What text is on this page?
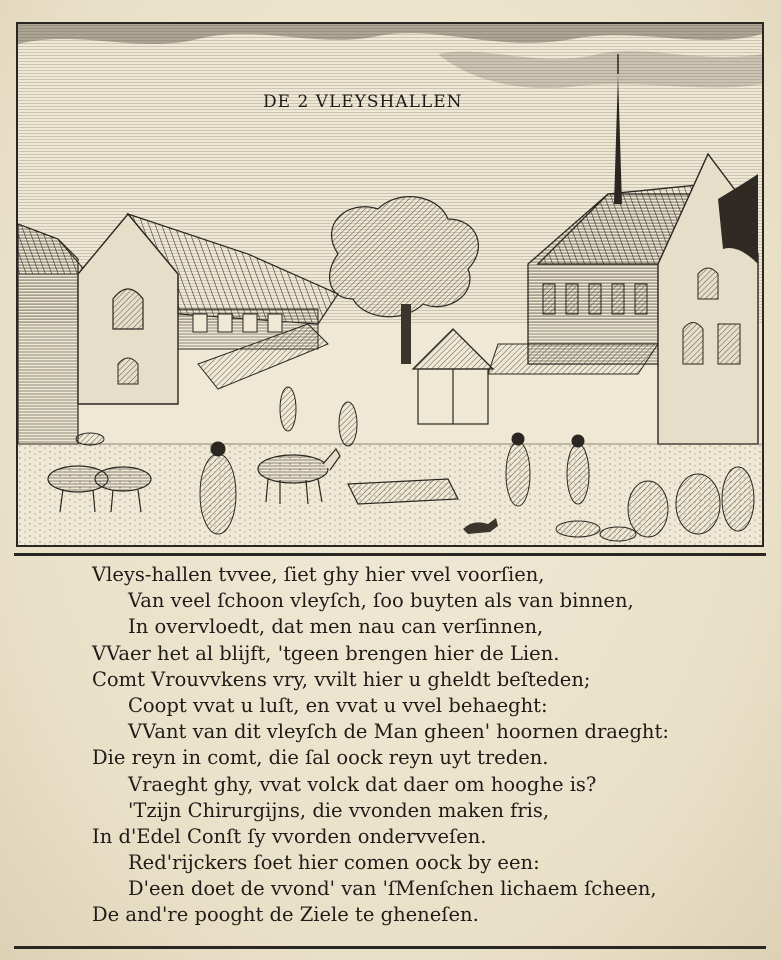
DE 2 VLEYSHALLEN
Vleys-hallen tvvee, ſiet ghy hier vvel voorſien,
Van veel ſchoon vleyſch, ſoo buyten als van binnen,
In overvloedt, dat men nau can verſinnen,
VVaer het al blijft, 'tgeen brengen hier de Lien.
Comt Vrouvvkens vry, vvilt hier u gheldt beſteden;
Coopt vvat u luſt, en vvat u vvel behaeght:
VVant van dit vleyſch de Man gheen' hoornen draeght:
Die reyn in comt, die ſal oock reyn uyt treden.
Vraeght ghy, vvat volck dat daer om hooghe is?
'Tzijn Chirurgijns, die vvonden maken fris,
In d'Edel Conſt ſy vvorden ondervveſen.
Red'rijckers ſoet hier comen oock by een:
D'een doet de vvond' van 'ſMenſchen lichaem ſcheen,
De and're pooght de Ziele te gheneſen.
